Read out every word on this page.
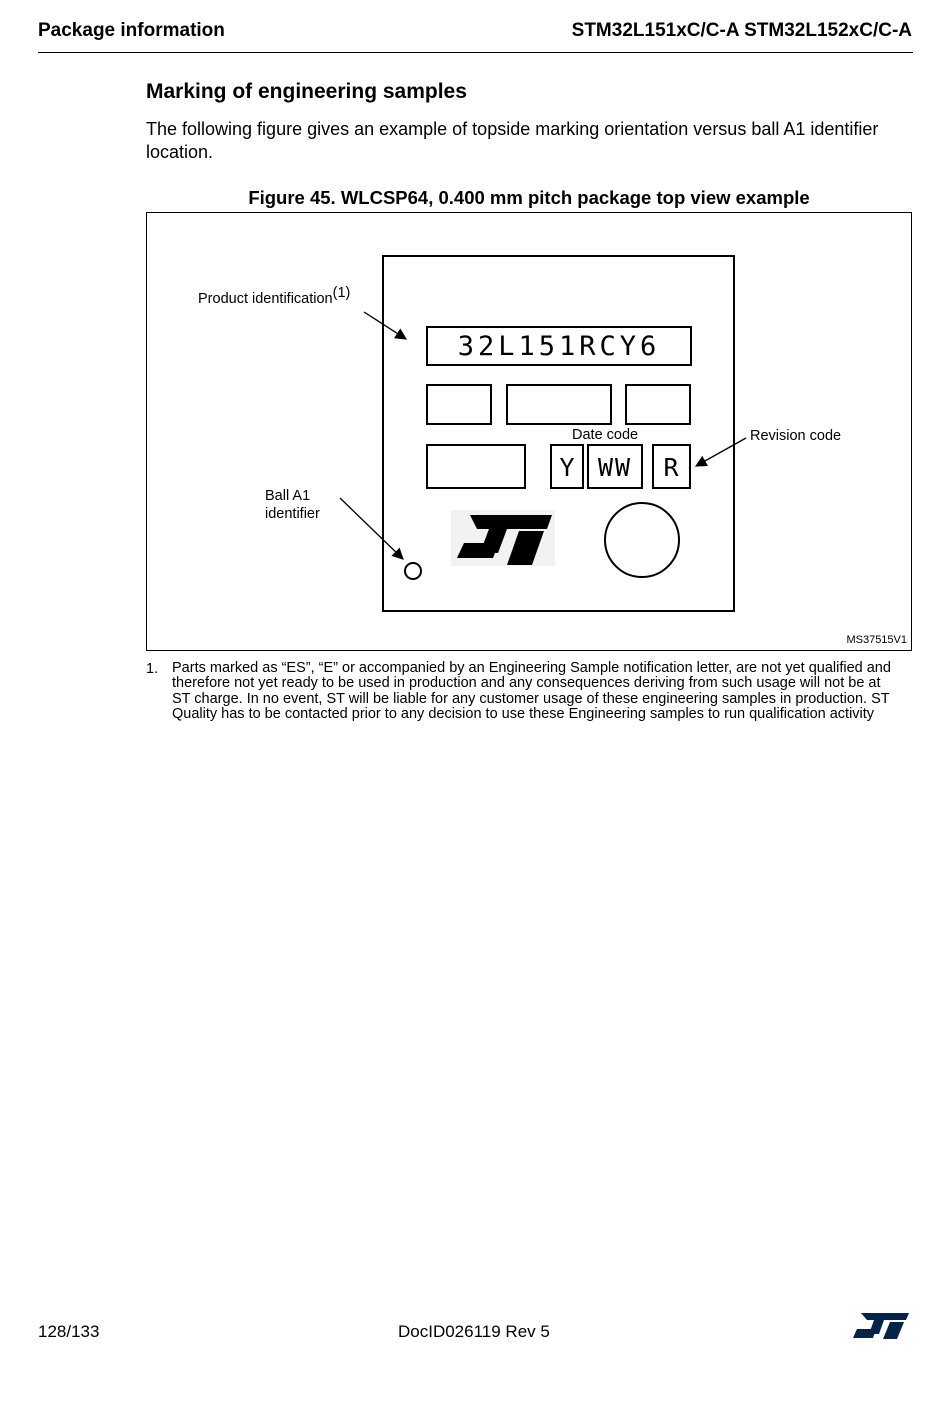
Package information	STM32L151xC/C-A STM32L152xC/C-A
Marking of engineering samples
The following figure gives an example of topside marking orientation versus ball A1 identifier location.
Figure 45. WLCSP64, 0.400 mm pitch package top view example
32L151RCY6
Y WW R
Product identification(1)
Date code	Revision code
Ball A1
identifier
MS37515V1
1. Parts marked as “ES”, “E” or accompanied by an Engineering Sample notification letter, are not yet qualified and therefore not yet ready to be used in production and any consequences deriving from such usage will not be at ST charge. In no event, ST will be liable for any customer usage of these engineering samples in production. ST Quality has to be contacted prior to any decision to use these Engineering samples to run qualification activity
128/133	DocID026119 Rev 5
